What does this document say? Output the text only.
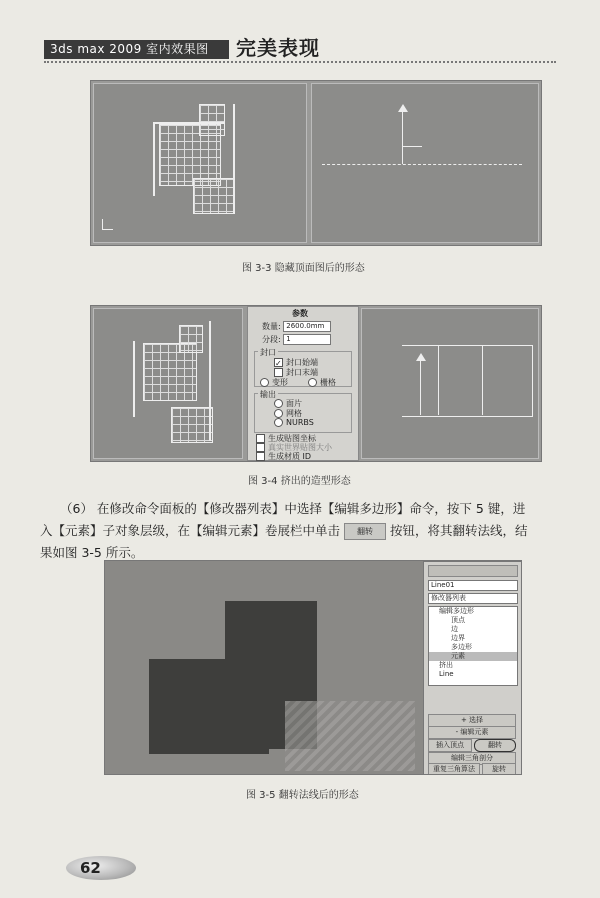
3ds max 2009 室内效果图	完美表现
图 3-3 隐藏顶面图后的形态
参数
数量: 2600.0mm
分段: 1
封口
✓ 封口始端
封口末端
变形	栅格
输出
面片
网格
NURBS
生成贴图坐标
真实世界贴图大小
生成材质 ID
图 3-4 挤出的造型形态
（6） 在修改命令面板的【修改器列表】中选择【编辑多边形】命令，按下 5 键，进
入【元素】子对象层级，在【编辑元素】卷展栏中单击 翻转 按钮，将其翻转法线，结
果如图 3-5 所示。
Line01
修改器列表
编辑多边形
顶点
边
边界
多边形
元素
挤出
Line
+ 选择
- 编辑元素
插入顶点	翻转
编辑三角剖分
重复三角算法	旋转
图 3-5 翻转法线后的形态
62
